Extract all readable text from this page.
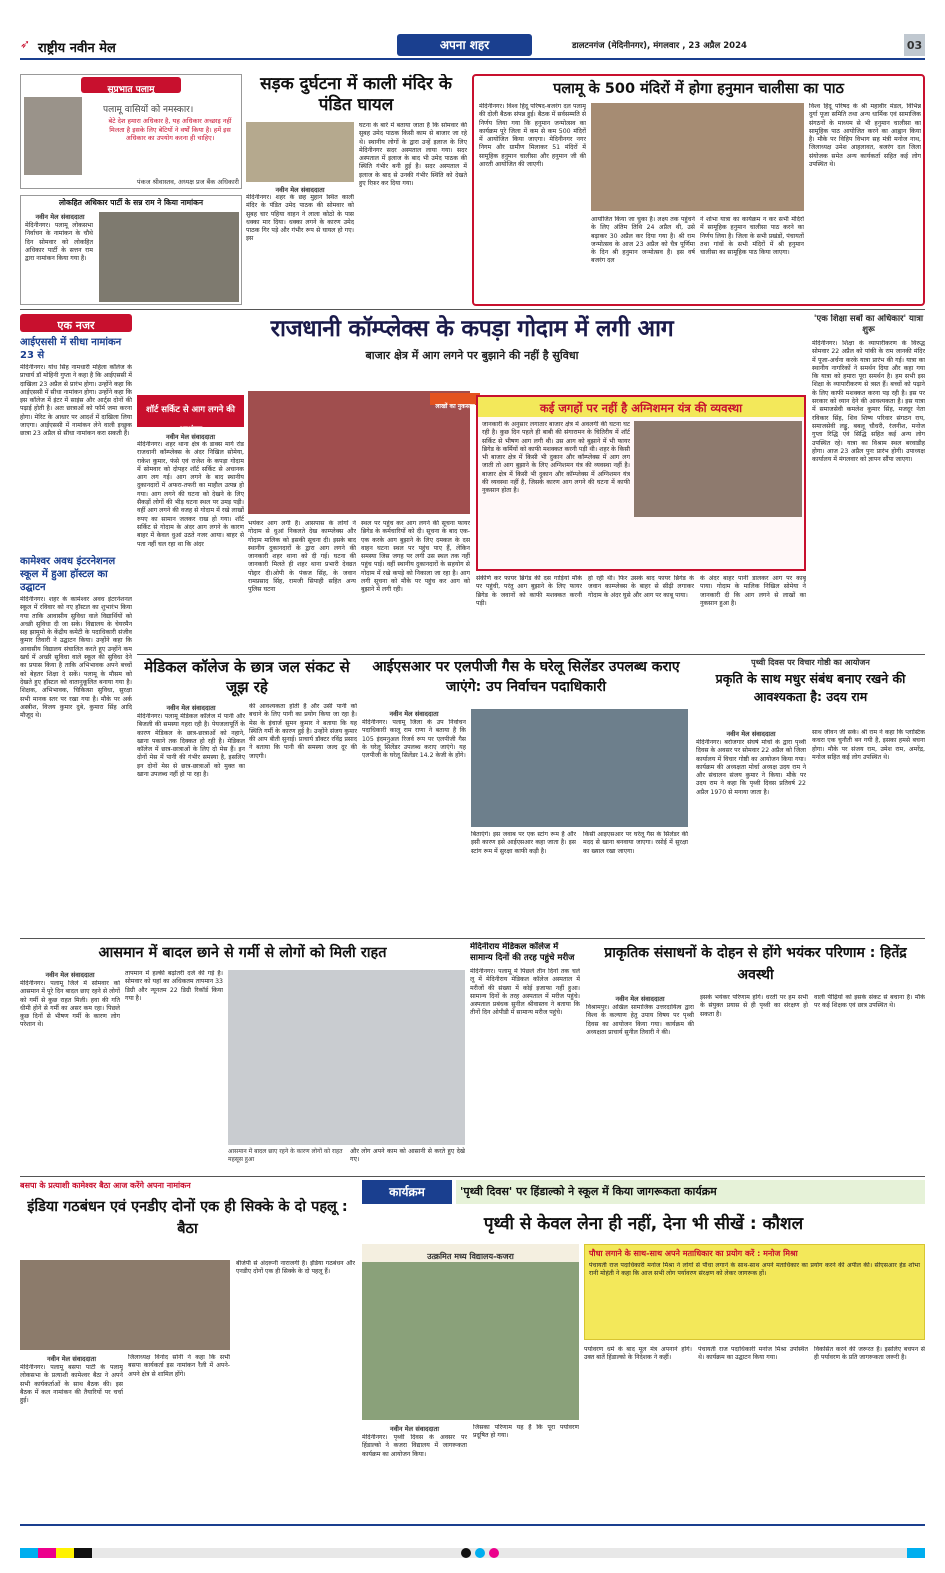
➶ राष्ट्रीय नवीन मेल	अपना शहर	डालटनगंज (मेदिनीनगर), मंगलवार , 23 अप्रैल 2024	03
सुप्रभात पलामू
पलामू वासियों को नमस्कार।
बेटे देश हमारा अधिकार है, यह अधिकार अच्छाइ नहीं मिलता है इसके लिए बेटियों ने वर्षों किया है। हमें इस अधिकार का उपयोग करना ही चाहिए।
पंकज श्रीवास्तव, अध्यक्ष प्रज बैंक अधिकारी
लोकहित अधिकार पार्टी के सन्न राम ने किया नामांकन
नवीन मेल संवाददाता
मेदिनीनगर। पलामू लोकसभा निर्वाचन के नामांकन के चौथे दिन सोमवार को लोकहित अधिकार पार्टी के सत्तन राम द्वारा नामांकन किया गया है।
सड़क दुर्घटना में काली मंदिर के पंडित घायल
नवीन मेल संवाददाता
मेदिनीनगर। शहर के छह मुहान स्थित काली मंदिर के पंडित उमेद पाठक की सोमवार को सुबह चार पहिया वाहन ने लाला कोठो के पास धक्का मार दिया। धक्का लगने के कारण उमेद पाठक गिर पड़े और गंभीर रूप से घायल हो गए। इस
घटना के बारे में बताया जाता है कि सोमवार की सुबह उमेद पाठक किसी काम से बाजार जा रहे थे। स्थानीय लोगों के द्वारा उन्हें इलाज के लिए मेदिनीनगर सदर अस्पताल लाया गया। सदर अस्पताल में इलाज के बाद भी उमेद पाठक की स्थिति गंभीर बनी हुई है। सदर अस्पताल में इलाज के बाद से उनकी गंभीर स्थिति को देखते हुए रिफ़र कर दिया गया।
पलामू के 500 मंदिरों में होगा हनुमान चालीसा का पाठ
मेदिनीनगर। विश्व हिंदू परिषद-बजरंग दल पलामू की दोली बैठक संपन्न हुई। बैठक में सर्वसम्मति से निर्णय लिया गया कि हनुमान जन्मोत्सव का कार्यक्रम पूरे जिला में कम से कम 500 मंदिरों में आयोजित किया जाएगा। मेदिनीनगर नगर निगम और ग्रामीण मिलाकर 51 मंदिरों में सामूहिक हनुमान चालीसा और हनुमान जी की आरती आयोजित की जाएगी।
आयोजित किया जा चुका है। लक्ष्य तक पहुंचने के लिए अंतिम तिथि 24 अप्रैल थी, उसे बढ़ाकर 30 अप्रैल कर दिया गया है। श्री राम जन्मोत्सव के आज 23 अप्रैल को चैत्र पूर्णिमा के दिन श्री हनुमान जन्मोत्सव है। इस वर्ष बजरंग दल
ने शोभा यात्रा का कार्यक्रम न कर सभी मंदिरों में सामूहिक हनुमान चालीसा पाठ करने का निर्णय लिया है। जिला के सभी प्रखंडों, पंचायतों तथा गांवों के सभी मंदिरों में श्री हनुमान चालीसा का सामूहिक पाठ किया जाएगा।
विश्व हिंदू परिषद के श्री महावीर मंडल, विभिन्न दुर्गा पूजा समिति तथा अन्य धार्मिक एवं सामाजिक संगठनों के माध्यम से भी हनुमान चालीसा का सामूहिक पाठ आयोजित करने का आह्वान किया है। मौके पर विहिप विभाग सह मंत्री मनोज नाथ, जिलाध्यक्ष उमेश आहलावत, बजरंग दल जिला संयोजक समेत अन्य कार्यकर्ता सहित कई लोग उपस्थित थे।
एक नजर
आईएससी में सीधा नामांकन 23 से
मेदिनीनगर। योध सिंह नामधारी महिला कॉलेज के प्राचार्य डॉ मोहिनी गुप्ता ने कहा है कि आईएससी में दाखिला 23 अप्रैल से प्रारंभ होगा। उन्होंने कहा कि आईएससी में सीधा नामांकन होगा। उन्होंने कहा कि इस कॉलेज में इंटर में साइंस और आर्ट्स दोनों की पढ़ाई होती है। अतः छात्राओं को फॉर्म जमा करना होगा। मेरिट के आधार पर आदर्श में दाखिला लिया जाएगा। आईएससी में नामांकन लेने वाली इच्छुक छात्रा 23 अप्रैल से सीधा नामांकन करा सकती हैं।
कामेश्वर अवध इंटरनेशनल स्कूल में हुआ हॉस्टल का उद्घाटन
मेदिनीनगर। शहर के कामेश्वर अवध इंटरनेशनल स्कूल में रविवार को नए हॉस्टल का शुभारंभ किया गया ताकि आवासीय सुविधा वाले विद्यार्थियों को अच्छी सुविधा दी जा सके। विद्यालय के चेयरमैन सह झामुमो के केंद्रीय कमेटी के पदाधिकारी संजीव कुमार तिवारी ने उद्घाटन किया। उन्होंने कहा कि आवासीय विद्यालय संचालित करते हुए उन्होंने कम खर्च में अच्छी सुविधा वाले स्कूल की सुविधा देने का प्रयास किया है ताकि अभिभावक अपने बच्चों को बेहतर शिक्षा दे सकें। पलामू के मौसम को देखते हुए हॉस्टल को वातानुकूलित बनाया गया है। शिक्षक, अभिभावक, चिकित्सा सुविधा, सुरक्षा सभी मानक स्तर पर रखा गया है। मौके पर अर्क अस्त्रीश, विजय कुमार दुबे, कुमारा सिंह आदि मौजूद थे।
राजधानी कॉम्प्लेक्स के कपड़ा गोदाम में लगी आग
बाजार क्षेत्र में आग लगने पर बुझाने की नहीं है सुविधा
शॉर्ट सर्किट से आग लगने की आशंका
नवीन मेल संवाददाता
मेदिनीनगर। शहर थाना क्षेत्र के डाक्स मार्ग रोड राजधानी कॉम्प्लेक्स के अंदर निखिल सोमेया, राकेश कुमार, फंसे एवं राजेश के कपड़ा गोदाम में सोमवार को दोपहर शॉर्ट सर्किट से अचानक आग लग गई। आग लगने के बाद स्थानीय दुकानदारों में अफरा-तफरी का माहौल उत्पन्न हो गया। आग लगने की घटना को देखने के लिए सैकड़ों लोगों की भीड़ घटना स्थल पर उमड़ पड़ी। वहीं आग लगने की वजह से गोदाम में रखे लाखों रुपए का सामान जलकर राख हो गया। शॉर्ट सर्किट से गोदाम के अंदर आग लगने के कारण बाहर में केवल धुआं उठते नजर आया। बाहर से पता नहीं चल रहा था कि अंदर
लाखों का नुकसान
भयंकर आग लगी है। आसपास के लोगों ने गोदाम से धुआं निकलते देख काम्प्लेक्स और गोदाम मालिक को इसकी सूचना दी। इसके बाद स्थानीय दुकानदारों के द्वारा आग लगने की जानकारी शहर थाना को दी गई। घटना की जानकारी मिलते ही शहर थाना प्रभारी देवव्रत पोद्दार दी।ओपी के पंकज सिंह, के जवान रामप्रसाद सिंह, रामजी सिपाही सहित अन्य पुलिस घटना
स्थल पर पहुंच कर आग लगने की सूचना फायर ब्रिगेड के कर्मचारियों को दी। सूचना के बाद एक-एक करके आग बुझाने के लिए दमकल के दस वाहन घटना स्थल पर पहुंच पाए हैं, लेकिन समस्या जिस जगह पर लगी उस स्थल तक नहीं पहुंच पाई। वहीं स्थानीय दुकानदारों के सहयोग से गोदाम में रखे कपड़े को निकाला जा रहा है। आग लगी सूचना को मौके पर पहुंच कर आग को बुझाने में लगी रही।
कई जगहों पर नहीं है अग्निशमन यंत्र की व्यवस्था
जानकारी के अनुसार लगातार बाजार क्षेत्र में अवलगी की घटना घट रही है। कुछ दिन पहले ही बाबी की संगारामन के चितिरीय में शॉर्ट सर्किट से भीषण आग लगी थी। उस आग को बुझाने में भी फायर ब्रिगेड के कर्मियों को काफी मशक्कत करनी पड़ी थी। शहर के किसी भी बाजार क्षेत्र में किसी भी दुकान और कॉम्प्लेक्स में आग लग जाती तो आग बुझाने के लिए अग्निशमन यंत्र की व्यवस्था नहीं है। बाजार क्षेत्र में किसी भी दुकान और कॉम्प्लेक्स में अग्निशमन यंत्र की व्यवस्था नहीं है, जिसके कारण आग लगने की घटना में काफी नुकसान होता है।
संकीर्ण कर फायर ब्रिगेड की दस गाड़ियां मौके पर पहुंची, परंतु आग बुझाने के लिए फायर ब्रिगेड के जवानों को काफी मशक्कत करनी पड़ी।
हो रही थी। फिर उसके बाद फायर ब्रिगेड के जवान काम्प्लेक्स के बाहर से सीढ़ी लगाकर गोदाम के अंदर घुसे और आग पर काबू पाया।
के अंदर बाहर पानी डालकर आग पर काबू पाया। गोदाम के मालिक निखिल सोमेया ने जानकारी दी कि आग लगने से लाखों का नुकसान हुआ है।
'एक शिक्षा सबों का अधिकार' यात्रा शुरू
मेदिनीनगर। शिक्षा के व्यापारीकरण के विरुद्ध सोमवार 22 अप्रैल को पांकी के राम जानकी मंदिर में पूजा-अर्चना करके यात्रा प्रारंभ की गई। यात्रा का स्थानीय नागरिकों ने समर्थन दिया और कहा गया कि यात्रा को हमारा पूरा समर्थन है। हम सभी इस शिक्षा के व्यापारीकरण से त्रस्त हैं। बच्चों को पढ़ाने के लिए काफी मशक्कत करना पड़ रही है। इस पर सरकार को ध्यान देने की आवश्यकता है। इस यात्रा में समाजसेवी कमलेश कुमार सिंह, मजदूर नेता रविकार सिंह, शिव शिष्य परिवार संगठन राय, समाजसेवी लड्डु, बबलू चौधरी, रंजनीश, मनोज गुप्ता रिद्धि एवं सिद्धि सहित कई अन्य लोग उपस्थित रहे। यात्रा का विश्राम स्थल बरवाडीह होगा। आज 23 अप्रैल पुनः प्रारंभ होगी। उपाध्यक्ष कार्यालय में मंगलवार को ज्ञापन सौंपा जाएगा।
मेडिकल कॉलेज के छात्र जल संकट से जूझ रहे
नवीन मेल संवाददाता
मेदिनीनगर। पलामू मेडिकल कॉलेज में पानी और बिजली की समस्या गहरा रही है। पेयजलापूर्ति के कारण मेडिकल के छात्र-छात्राओं को नहाने, खाना पकाने तक दिक्कत हो रही है। मेडिकल कॉलेज में छात्र-छात्राओं के लिए दो मेस हैं। इन दोनों मेस में पानी की गंभीर समस्या है, इसलिए इन दोनों मेस से छात्र-छात्राओं को मुक्त का खाना उपलब्ध नहीं हो पा रहा है।
की आवश्यकता होती है और उसी पानी को बचाने के लिए पानी का प्रयोग किया जा रहा है। मेस के इंचार्ज सुमन कुमार ने बताया कि यह स्थिति गर्मी के कारण हुई है। उन्होंने संजय कुमार की आप बीती सुनाई। प्राचार्य डॉक्टर रविंद्र प्रसाद ने बताया कि पानी की समस्या जल्द दूर की जाएगी।
आईएसआर पर एलपीजी गैस के घरेलू सिलेंडर उपलब्ध कराए जाएंगे: उप निर्वाचन पदाधिकारी
नवीन मेल संवाददाता
मेदिनीनगर। पलामू जिला के उप निर्वाचन पदाधिकारी कालू राम राणा ने बताया है कि 105 इंदमनुअल रिजर्व रूप पर एलपीजी गैस के घरेलू सिलेंडर उपलब्ध कराए जाएंगे। यह एलपीजी के घरेलू सिलेंडर 14.2 केजी के होंगे।
बिताएंगे। इस जवाब पर एक स्टांग रूम है और इसी कारण इसे आईएसआर कहा जाता है। इस स्टांग रूम में सुरक्षा काफी कड़ी है।
किसी आइएसआर पर घरेलू गैस के सिलेंडर की मदद से खाना बनवाया जाएगा। रसोई में सुरक्षा का ख्याल रखा जाएगा।
पृथ्वी दिवस पर विचार गोष्ठी का आयोजन
प्रकृति के साथ मधुर संबंध बनाए रखने की आवश्यकता है: उदय राम
नवीन मेल संवाददाता
मेदिनीनगर। बरोजगार संघर्ष मोर्चा के द्वारा पृथ्वी दिवस के अवसर पर सोमवार 22 अप्रैल को जिला कार्यालय में विचार गोष्ठी का आयोजन किया गया। कार्यक्रम की अध्यक्षता मोर्चा अध्यक्ष उदय राम ने और संचालन संजय कुमार ने किया। मौके पर उदय राम ने कहा कि पृथ्वी दिवस प्रतिवर्ष 22 अप्रैल 1970 से मनाया जाता है।
साथ जीवन जी सकें। श्री राम ने कहा कि प्लास्टिक कचरा एक चुनौती बन गयी है, इसका हमसे बचना होगा। मौके पर संजय राम, उमेश राम, अमरेंद्र, मनोज सहित कई लोग उपस्थित थे।
आसमान में बादल छाने से गर्मी से लोगों को मिली राहत
नवीन मेल संवाददाता
मेदिनीनगर। पलामू जिले में सोमवार को आसमान में पूरे दिन बादल छाए रहने से लोगों को गर्मी से कुछ राहत मिली। हवा की गति धीमी होने से गर्मी का असर कम रहा। पिछले कुछ दिनों से भीषण गर्मी के कारण लोग परेशान थे।
तापमान में हल्की बढ़ोतरी दर्ज की गई है। सोमवार को यहां का अधिकतम तापमान 33 डिग्री और न्यूनतम 22 डिग्री रिकॉर्ड किया गया है।
आसमान में बादल छाए रहने के कारण लोगों को राहत महसूस हुआ
और लोग अपने काम को आसानी से करते हुए देखे गए।
मेदिनीराय मेडिकल कॉलेज में सामान्य दिनों की तरह पहुंचे मरीज
मेदिनीनगर। पलामू में पिछले तीन दिनों तक चले लू में मेदिनीराय मेडिकल कॉलेज अस्पताल में मरीजों की संख्या में कोई इजाफा नहीं हुआ। सामान्य दिनों के तरह अस्पताल में मरीज पहुंचे। अस्पताल प्रबंधक सुनील श्रीवास्तव ने बताया कि तीनों दिन ओपीडी में सामान्य मरीज पहुंचे।
प्राकृतिक संसाधनों के दोहन से होंगे भयंकर परिणाम : हितेंद्र अवस्थी
नवीन मेल संवाददाता
विश्रामपुर। अखिल सामाजिक उत्तरदायित्व द्वारा विश्व के कल्याण हेतु उपाय विषय पर पृथ्वी दिवस का आयोजन किया गया। कार्यक्रम की अध्यक्षता प्राचार्य सुनील तिवारी ने की।
इसके भयंकर परिणाम होंगे। धरती पर हम सभी के संयुक्त प्रयास से ही पृथ्वी का संरक्षण हो सकता है।
वाली पीढ़ियों को इसके संकट से बचाना है। मौके पर कई शिक्षक एवं छात्र उपस्थित थे।
बसपा के प्रत्याशी कामेश्वर बैठा आज करेंगे अपना नामांकन
इंडिया गठबंधन एवं एनडीए दोनों एक ही सिक्के के दो पहलू : बैठा
नवीन मेल संवाददाता
मेदिनीनगर। पलामू बसपा पार्टी के पलामू लोकसभा के प्रत्याशी कामेश्वर बैठा ने अपने सभी कार्यकर्ताओं के साथ बैठक की। इस बैठक में कल नामांकन की तैयारियों पर चर्चा हुई।
जिलाध्यक्ष विनोद सोनी ने कहा कि सभी बसपा कार्यकर्ता इस नामांकन रैली में अपने-अपने क्षेत्र से शामिल होंगे।
बीजेपी से अंदरूनी नाराजगी है। इंडिया गठबंधन और एनडीए दोनों एक ही सिक्के के दो पहलू हैं।
कार्यक्रम	'पृथ्वी दिवस' पर हिंडाल्को ने स्कूल में किया जागरूकता कार्यक्रम
पृथ्वी से केवल लेना ही नहीं, देना भी सीखें : कौशल
उत्क्रमित मध्य विद्यालय-कजरा	पौधा लगाने के साथ-साथ अपने मताधिकार का प्रयोग करें : मनोज मिश्रा
पंचायती राज पदाधिकारी मनोज मिश्रा ने लोगों से पौधा लगाने के साथ-साथ अपने मताधिकार का प्रयोग करने की अपील की। सीएसआर हेड शोभा रानी मोहंती ने कहा कि आज सभी लोग पर्यावरण संरक्षण को लेकर जागरूक हों।
पर्यावरण धर्म के बाद मूल मंत्र अपनाने होंगे। उक्त बातें हिंडाल्को के निदेशक ने कहीं।
पंचायती राज पदाधिकारी मनोज मिश्रा उपस्थित थे। कार्यक्रम का उद्घाटन किया गया।
विकसित करने की जरूरत है। इसलिए बचपन से ही पर्यावरण के प्रति जागरूकता जरूरी है।
नवीन मेल संवाददाता
मेदिनीनगर। पृथ्वी दिवस के अवसर पर हिंडाल्को ने कजरा विद्यालय में जागरूकता कार्यक्रम का आयोजन किया।
जिसका परिणाम यह है कि पूरा पर्यावरण प्रदूषित हो गया।
